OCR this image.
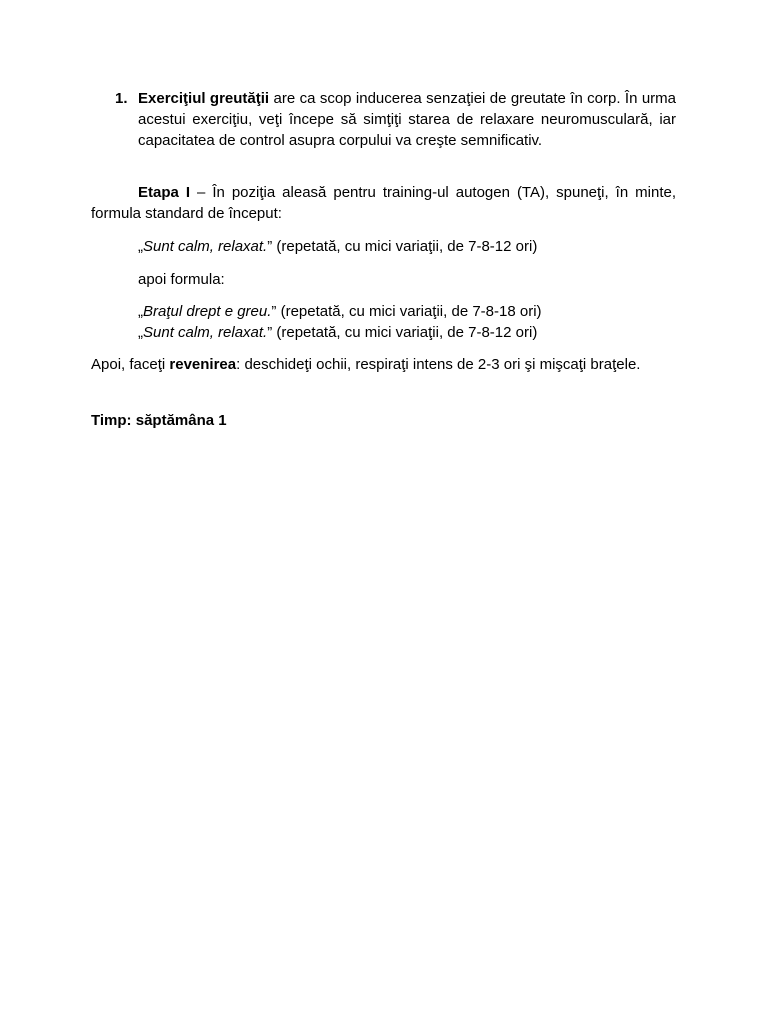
1. Exerciţiul greutăţii are ca scop inducerea senzaţiei de greutate în corp. În urma acestui exerciţiu, veţi începe să simţiţi starea de relaxare neuromusculară, iar capacitatea de control asupra corpului va creşte semnificativ.
Etapa I – În poziţia aleasă pentru training-ul autogen (TA), spuneţi, în minte, formula standard de început:
„Sunt calm, relaxat.” (repetată, cu mici variaţii, de 7-8-12 ori)
apoi formula:
„Braţul drept e greu.” (repetată, cu mici variaţii, de 7-8-18 ori)
„Sunt calm, relaxat.” (repetată, cu mici variaţii, de 7-8-12 ori)
Apoi, faceţi revenirea: deschideţi ochii, respiraţi intens de 2-3 ori şi mişcaţi braţele.
Timp: săptămâna 1
